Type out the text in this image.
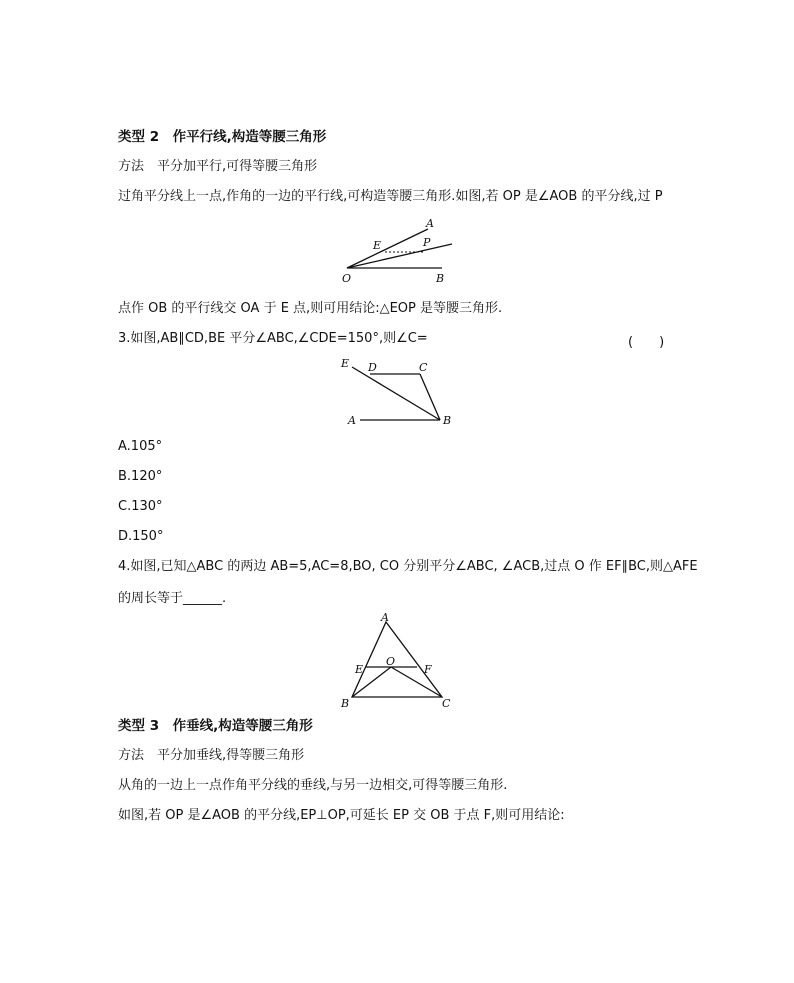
类型 2　作平行线,构造等腰三角形
方法　平分加平行,可得等腰三角形
过角平分线上一点,作角的一边的平行线,可构造等腰三角形.如图,若 OP 是∠AOB 的平分线,过 P
A
E	P
O	B
点作 OB 的平行线交 OA 于 E 点,则可用结论:△EOP 是等腰三角形.
3.如图,AB∥CD,BE 平分∠ABC,∠CDE=150°,则∠C=	(　　)
E D	C
A	B
A.105°
B.120°
C.130°
D.150°
4.如图,已知△ABC 的两边 AB=5,AC=8,BO, CO 分别平分∠ABC, ∠ACB,过点 O 作 EF∥BC,则△AFE
的周长等于______.
A
E
O
F
B	C
类型 3　作垂线,构造等腰三角形
方法　平分加垂线,得等腰三角形
从角的一边上一点作角平分线的垂线,与另一边相交,可得等腰三角形.
如图,若 OP 是∠AOB 的平分线,EP⊥OP,可延长 EP 交 OB 于点 F,则可用结论:
